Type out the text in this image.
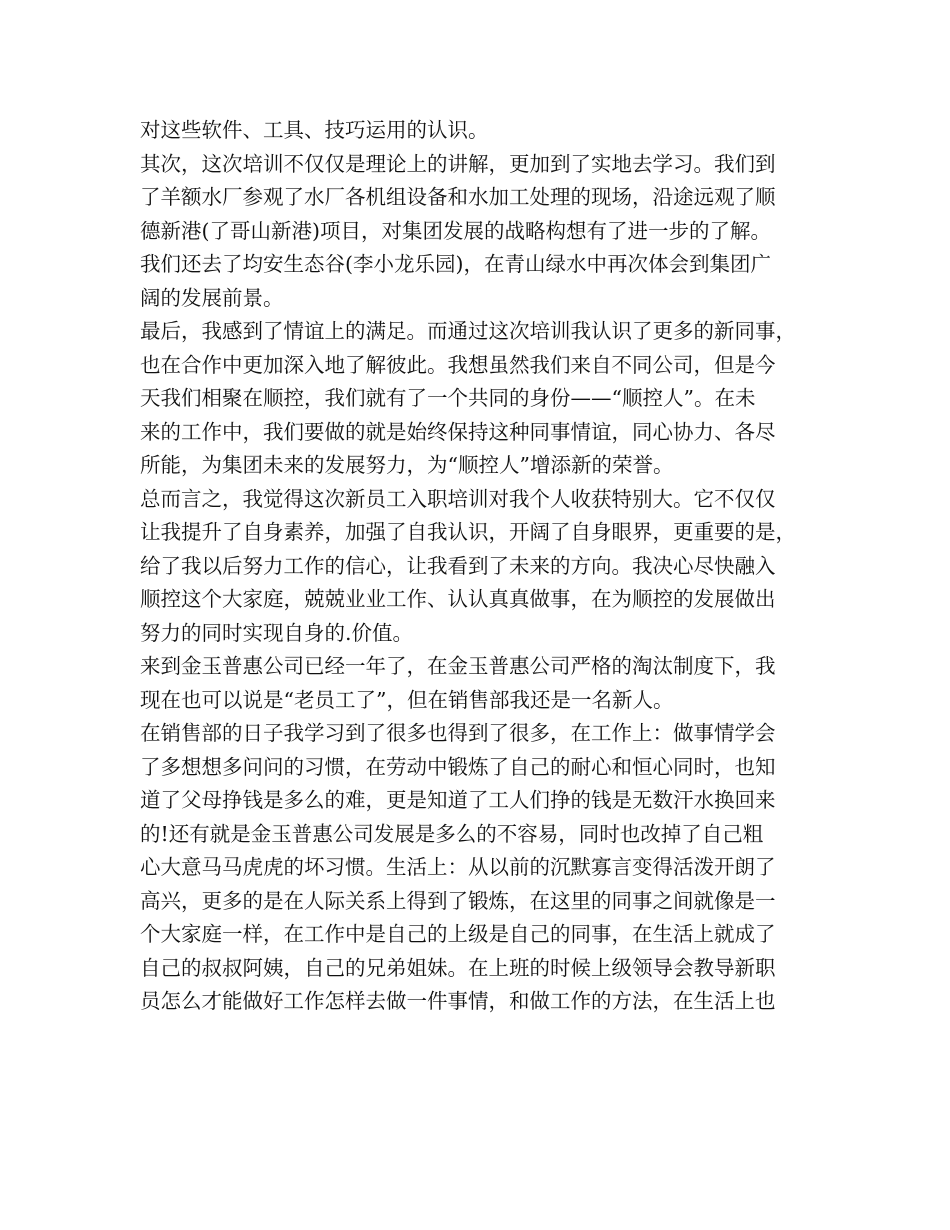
对这些软件、工具、技巧运用的认识。
其次，这次培训不仅仅是理论上的讲解，更加到了实地去学习。我们到
了羊额水厂参观了水厂各机组设备和水加工处理的现场，沿途远观了顺
德新港(了哥山新港)项目，对集团发展的战略构想有了进一步的了解。
我们还去了均安生态谷(李小龙乐园)，在青山绿水中再次体会到集团广
阔的发展前景。
最后，我感到了情谊上的满足。而通过这次培训我认识了更多的新同事，
也在合作中更加深入地了解彼此。我想虽然我们来自不同公司，但是今
天我们相聚在顺控，我们就有了一个共同的身份——“顺控人”。在未
来的工作中，我们要做的就是始终保持这种同事情谊，同心协力、各尽
所能，为集团未来的发展努力，为“顺控人”增添新的荣誉。
总而言之，我觉得这次新员工入职培训对我个人收获特别大。它不仅仅
让我提升了自身素养，加强了自我认识，开阔了自身眼界，更重要的是，
给了我以后努力工作的信心，让我看到了未来的方向。我决心尽快融入
顺控这个大家庭，兢兢业业工作、认认真真做事，在为顺控的发展做出
努力的同时实现自身的.价值。
来到金玉普惠公司已经一年了，在金玉普惠公司严格的淘汰制度下，我
现在也可以说是“老员工了”，但在销售部我还是一名新人。
在销售部的日子我学习到了很多也得到了很多，在工作上：做事情学会
了多想想多问问的习惯，在劳动中锻炼了自己的耐心和恒心同时，也知
道了父母挣钱是多么的难，更是知道了工人们挣的钱是无数汗水换回来
的!还有就是金玉普惠公司发展是多么的不容易，同时也改掉了自己粗
心大意马马虎虎的坏习惯。生活上：从以前的沉默寡言变得活泼开朗了
高兴，更多的是在人际关系上得到了锻炼，在这里的同事之间就像是一
个大家庭一样，在工作中是自己的上级是自己的同事，在生活上就成了
自己的叔叔阿姨，自己的兄弟姐妹。在上班的时候上级领导会教导新职
员怎么才能做好工作怎样去做一件事情，和做工作的方法，在生活上也
